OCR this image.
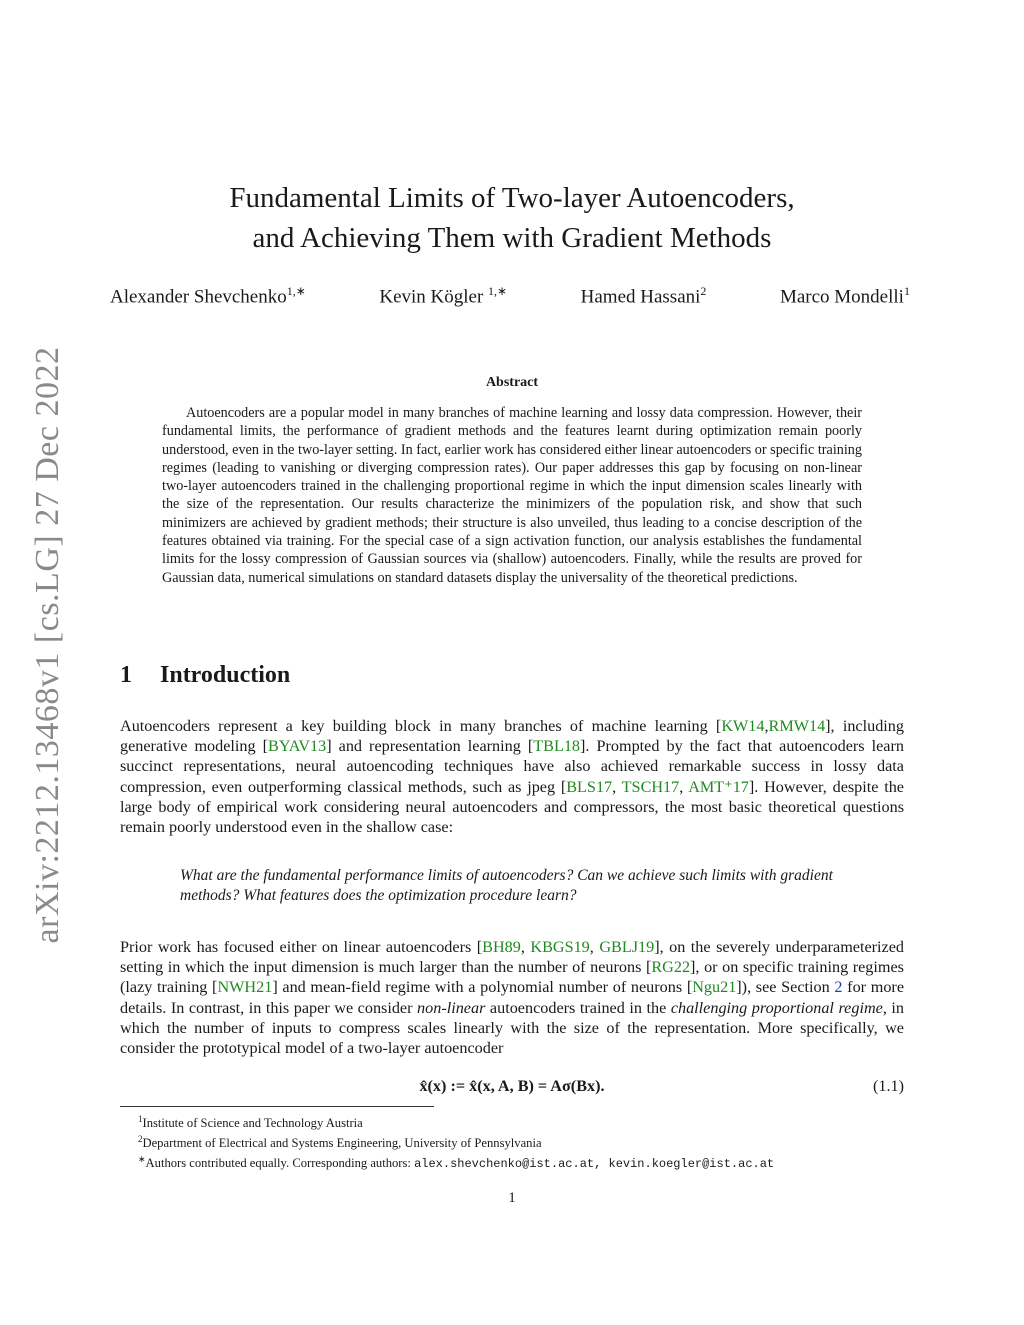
arXiv:2212.13468v1 [cs.LG] 27 Dec 2022
Fundamental Limits of Two-layer Autoencoders,
and Achieving Them with Gradient Methods
Alexander Shevchenko$^{1,∗}$	Kevin Kögler $^{1,∗}$	Hamed Hassani$^2$	Marco Mondelli$^1$
Abstract

Autoencoders are a popular model in many branches of machine learning and lossy data compression. However, their fundamental limits, the performance of gradient methods and the features learnt during optimization remain poorly understood, even in the two-layer setting. In fact, earlier work has considered either linear autoencoders or specific training regimes (leading to vanishing or diverging compression rates). Our paper addresses this gap by focusing on non-linear two-layer autoencoders trained in the challenging proportional regime in which the input dimension scales linearly with the size of the representation. Our results characterize the minimizers of the population risk, and show that such minimizers are achieved by gradient methods; their structure is also unveiled, thus leading to a concise description of the features obtained via training. For the special case of a sign activation function, our analysis establishes the fundamental limits for the lossy compression of Gaussian sources via (shallow) autoencoders. Finally, while the results are proved for Gaussian data, numerical simulations on standard datasets display the universality of the theoretical predictions.

1 Introduction

Autoencoders represent a key building block in many branches of machine learning [KW14,RMW14], including generative modeling [BYAV13] and representation learning [TBL18]. Prompted by the fact that autoencoders learn succinct representations, neural autoencoding techniques have also achieved remarkable success in lossy data compression, even outperforming classical methods, such as jpeg [BLS17, TSCH17, AMT⁺17]. However, despite the large body of empirical work considering neural autoencoders and compressors, the most basic theoretical questions remain poorly understood even in the shallow case:

What are the fundamental performance limits of autoencoders? Can we achieve such limits with gradient methods? What features does the optimization procedure learn?

Prior work has focused either on linear autoencoders [BH89, KBGS19, GBLJ19], on the severely underparameterized setting in which the input dimension is much larger than the number of neurons [RG22], or on specific training regimes (lazy training [NWH21] and mean-field regime with a polynomial number of neurons [Ngu21]), see Section 2 for more details. In contrast, in this paper we consider non-linear autoencoders trained in the challenging proportional regime, in which the number of inputs to compress scales linearly with the size of the representation. More specifically, we consider the prototypical model of a two-layer autoencoder

x̂(x) := x̂(x, A, B) = Aσ(Bx).	(1.1)
$^1$Institute of Science and Technology Austria
$^2$Department of Electrical and Systems Engineering, University of Pennsylvania
∗Authors contributed equally. Corresponding authors: alex.shevchenko@ist.ac.at, kevin.koegler@ist.ac.at
1
